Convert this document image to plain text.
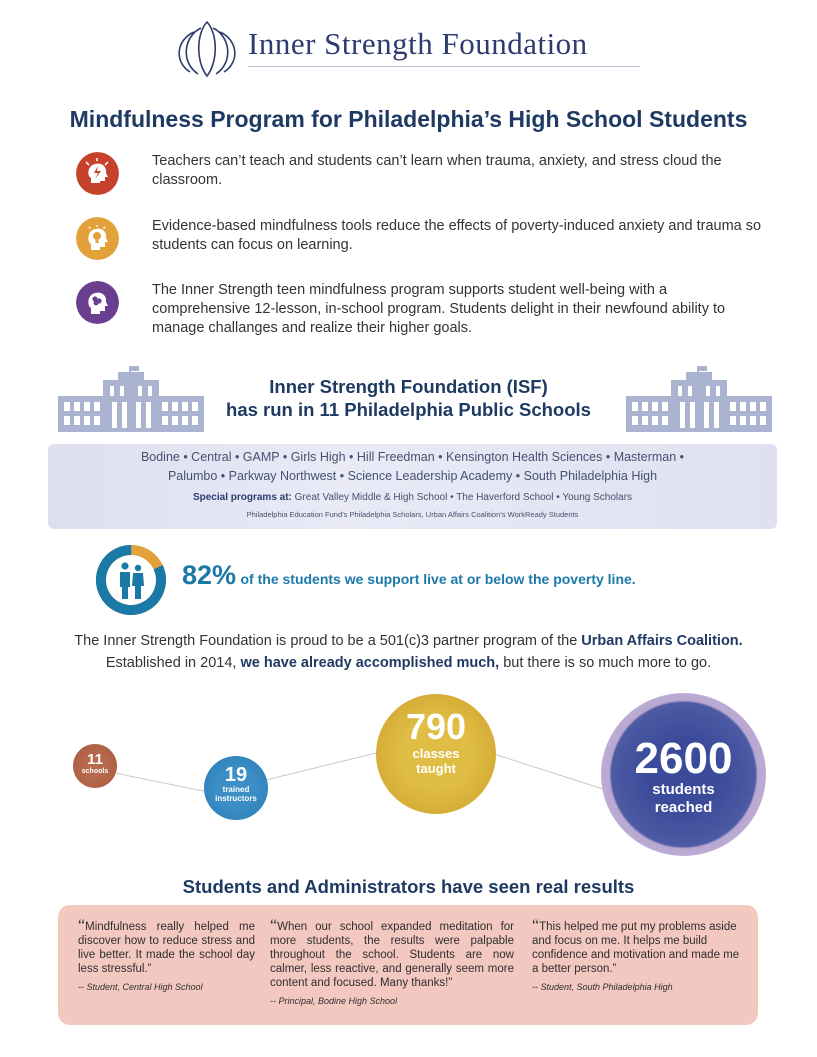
Inner Strength Foundation
Mindfulness Program for Philadelphia’s High School Students
Teachers can’t teach and students can’t learn when trauma, anxiety, and stress cloud the classroom.
Evidence-based mindfulness tools reduce the effects of poverty-induced anxiety and trauma so students can focus on learning.
The Inner Strength teen mindfulness program supports student well-being with a comprehensive 12-lesson, in-school program. Students delight in their newfound ability to manage challanges and realize their higher goals.
Inner Strength Foundation (ISF)
has run in 11 Philadelphia Public Schools
Bodine • Central • GAMP • Girls High • Hill Freedman • Kensington Health Sciences • Masterman •
Palumbo • Parkway Northwest • Science Leadership Academy • South Philadelphia High
Special programs at: Great Valley Middle & High School • The Haverford School • Young Scholars
Philadelphia Education Fund’s Philadelphia Scholars, Urban Affairs Coalition’s WorkReady Students
82% of the students we support live at or below the poverty line.
The Inner Strength Foundation is proud to be a 501(c)3 partner program of the Urban Affairs Coalition.
Established in 2014, we have already accomplished much, but there is so much more to go.
11
schools	19
trained
instructors
790
classes
taught	2600
students
reached
Students and Administrators have seen real results
“Mindfulness really helped me discover how to reduce stress and live better. It made the school day less stressful.”
-- Student, Central High School
“When our school expanded meditation for more students, the results were palpable throughout the school. Students are now calmer, less reactive, and generally seem more content and focused. Many thanks!”
-- Principal, Bodine High School
“This helped me put my problems aside and focus on me. It helps me build confidence and motivation and made me a better person.”
-- Student, South Philadelphia High
